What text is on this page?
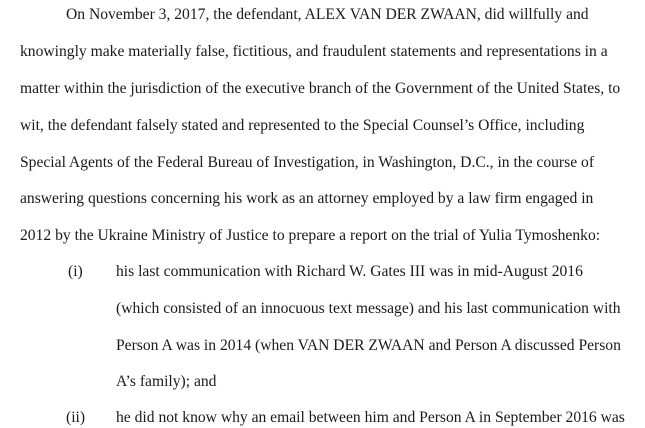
On November 3, 2017, the defendant, ALEX VAN DER ZWAAN, did willfully and
knowingly make materially false, fictitious, and fraudulent statements and representations in a
matter within the jurisdiction of the executive branch of the Government of the United States, to
wit, the defendant falsely stated and represented to the Special Counsel’s Office, including
Special Agents of the Federal Bureau of Investigation, in Washington, D.C., in the course of
answering questions concerning his work as an attorney employed by a law firm engaged in
2012 by the Ukraine Ministry of Justice to prepare a report on the trial of Yulia Tymoshenko:
(i) his last communication with Richard W. Gates III was in mid-August 2016
(which consisted of an innocuous text message) and his last communication with
Person A was in 2014 (when VAN DER ZWAAN and Person A discussed Person
A’s family); and
(ii) he did not know why an email between him and Person A in September 2016 was
